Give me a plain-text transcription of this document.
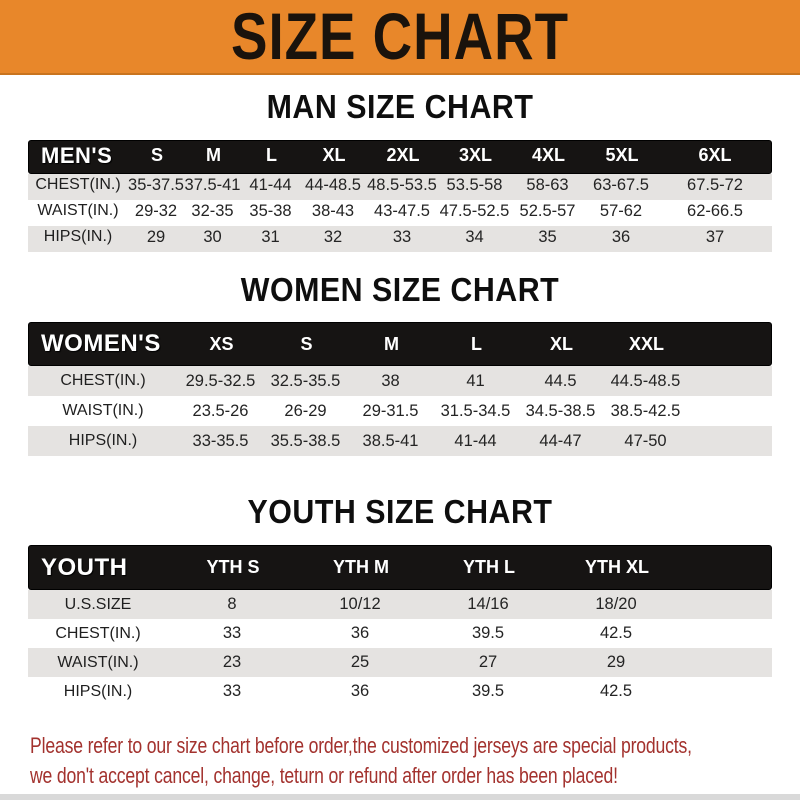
SIZE CHART
MAN SIZE CHART
MEN'S	S	M	L	XL	2XL	3XL	4XL	5XL	6XL
CHEST(IN.) 35-37.5 37.5-41 41-44 44-48.5 48.5-53.5 53.5-58	58-63	63-67.5	67.5-72
WAIST(IN.) 29-32 32-35 35-38	38-43	43-47.5 47.5-52.5 52.5-57	57-62	62-66.5
HIPS(IN.)	29	30	31	32	33	34	35	36	37
WOMEN SIZE CHART
WOMEN'S	XS	S	M	L	XL	XXL
CHEST(IN.)	29.5-32.5 32.5-35.5	38	41	44.5	44.5-48.5
WAIST(IN.)	23.5-26	26-29	29-31.5	31.5-34.5 34.5-38.5 38.5-42.5
HIPS(IN.)	33-35.5	35.5-38.5	38.5-41	41-44	44-47	47-50
YOUTH SIZE CHART
YOUTH	YTH S	YTH M	YTH L	YTH XL
U.S.SIZE	8	10/12	14/16	18/20
CHEST(IN.)	33	36	39.5	42.5
WAIST(IN.)	23	25	27	29
HIPS(IN.)	33	36	39.5	42.5

Please refer to our size chart before order,the customized jerseys are special products,

we don't accept cancel, change, teturn or refund after order has been placed!
